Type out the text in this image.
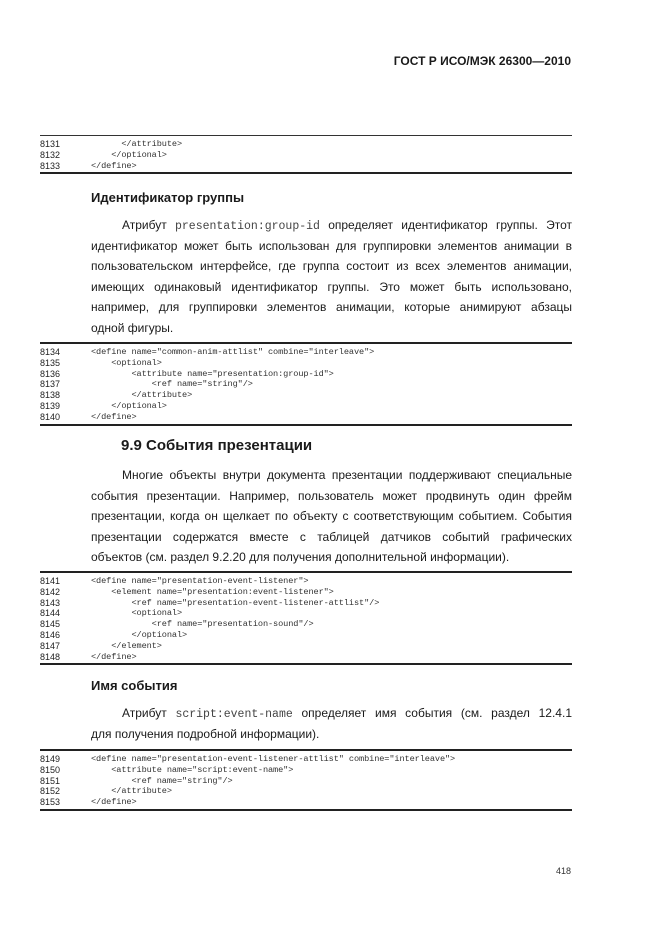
ГОСТ Р ИСО/МЭК 26300—2010
8131	</attribute>
8132	</optional>
8133	</define>
Идентификатор группы
Атрибут presentation:group-id определяет идентификатор группы. Этот
идентификатор может быть использован для группировки элементов анимации в
пользовательском интерфейсе, где группа состоит из всех элементов анимации,
имеющих одинаковый идентификатор группы. Это может быть использовано,
например, для группировки элементов анимации, которые анимируют абзацы
одной фигуры.
8134	<define name="common-anim-attlist" combine="interleave">
8135	<optional>
8136	<attribute name="presentation:group-id">
8137	<ref name="string"/>
8138	</attribute>
8139	</optional>
8140	</define>
9.9 События презентации
Многие объекты внутри документа презентации поддерживают специальные
события презентации. Например, пользователь может продвинуть один фрейм
презентации, когда он щелкает по объекту с соответствующим событием. События
презентации содержатся вместе с таблицей датчиков событий графических
объектов (см. раздел 9.2.20 для получения дополнительной информации).
8141	<define name="presentation-event-listener">
8142	<element name="presentation:event-listener">
8143	<ref name="presentation-event-listener-attlist"/>
8144	<optional>
8145	<ref name="presentation-sound"/>
8146	</optional>
8147	</element>
8148	</define>
Имя события
Атрибут script:event-name определяет имя события (см. раздел 12.4.1
для получения подробной информации).
8149	<define name="presentation-event-listener-attlist" combine="interleave">
8150	<attribute name="script:event-name">
8151	<ref name="string"/>
8152	</attribute>
8153	</define>
418
